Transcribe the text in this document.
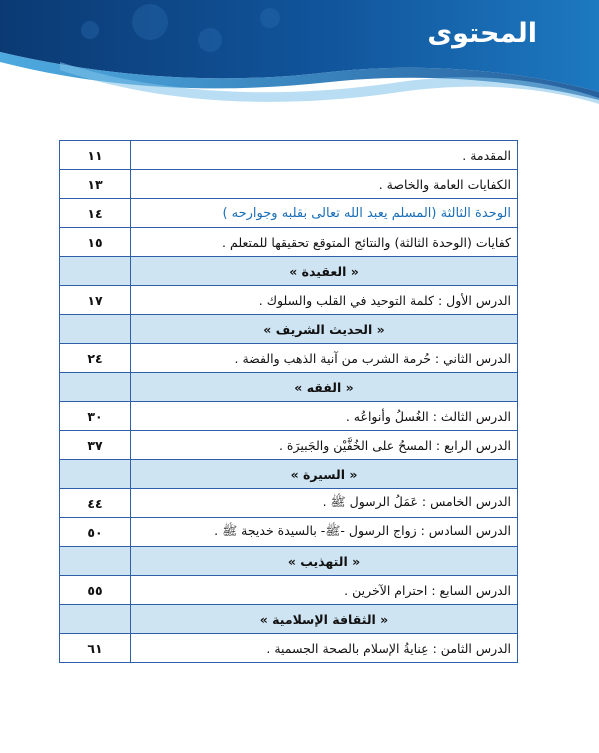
المحتوى
المقدمة .	١١
الكفايات العامة والخاصة .	١٣
الوحدة الثالثة (المسلم يعبد الله تعالى بقلبه وجوارحه )	١٤
كفايات (الوحدة الثالثة) والنتائج المتوقع تحقيقها للمتعلم .	١٥
« العقيدة »	
الدرس الأول : كلمة التوحيد في القلب والسلوك .	١٧
« الحديث الشريف »	
الدرس الثاني : حُرمة الشرب من آنية الذهب والفضة .	٢٤
« الفقه »	
الدرس الثالث : الغُسلُ وأنواعُه .	٣٠
الدرس الرابع : المسحُ على الخُفَّيْن والجَبيرَة .	٣٧
« السيرة »	
الدرس الخامس : عَمَلُ الرسول ﷺ .	٤٤
الدرس السادس : زواج الرسول -ﷺ- بالسيدة خديجة ﷺ .	٥٠
« التهذيب »	
الدرس السابع : احترام الآخرين .	٥٥
« الثقافة الإسلامية »	
الدرس الثامن : عِنايةُ الإسلام بالصحة الجسمية .	٦١
